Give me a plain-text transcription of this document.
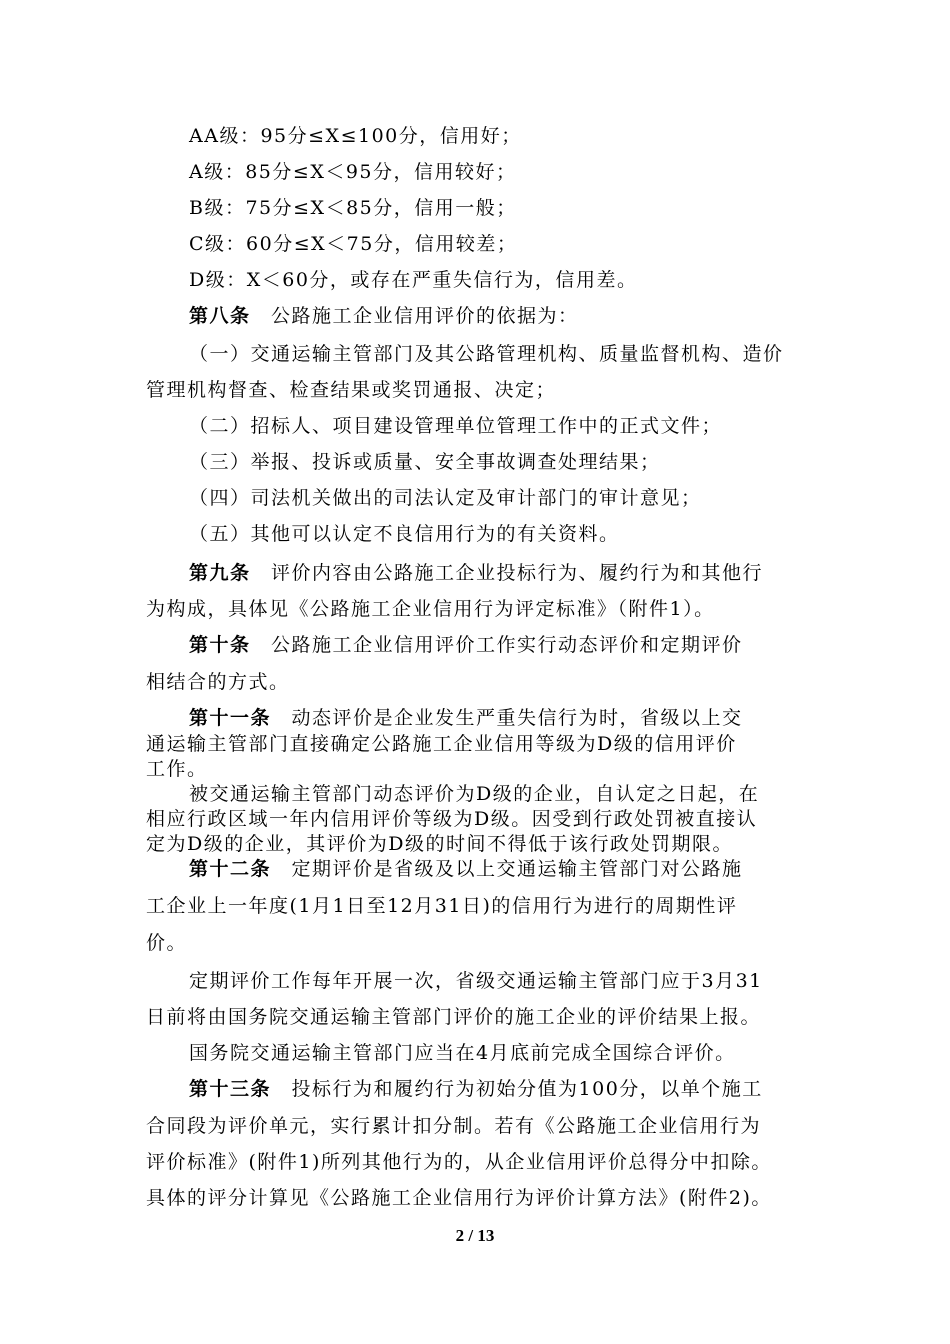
AA级：95分≤X≤100分，信用好；

A级：85分≤X＜95分，信用较好；

B级：75分≤X＜85分，信用一般；

C级：60分≤X＜75分，信用较差；

D级：X＜60分，或存在严重失信行为，信用差。

第八条　公路施工企业信用评价的依据为：

（一）交通运输主管部门及其公路管理机构、质量监督机构、造价

管理机构督查、检查结果或奖罚通报、决定；

（二）招标人、项目建设管理单位管理工作中的正式文件；

（三）举报、投诉或质量、安全事故调查处理结果；

（四）司法机关做出的司法认定及审计部门的审计意见；

（五）其他可以认定不良信用行为的有关资料。

第九条　评价内容由公路施工企业投标行为、履约行为和其他行

为构成，具体见《公路施工企业信用行为评定标准》（附件1）。

第十条　公路施工企业信用评价工作实行动态评价和定期评价

相结合的方式。

第十一条　动态评价是企业发生严重失信行为时，省级以上交

通运输主管部门直接确定公路施工企业信用等级为D级的信用评价

工作。

被交通运输主管部门动态评价为D级的企业，自认定之日起，在

相应行政区域一年内信用评价等级为D级。因受到行政处罚被直接认

定为D级的企业，其评价为D级的时间不得低于该行政处罚期限。

第十二条　定期评价是省级及以上交通运输主管部门对公路施

工企业上一年度(1月1日至12月31日)的信用行为进行的周期性评

价。

定期评价工作每年开展一次，省级交通运输主管部门应于3月31

日前将由国务院交通运输主管部门评价的施工企业的评价结果上报。

国务院交通运输主管部门应当在4月底前完成全国综合评价。

第十三条　投标行为和履约行为初始分值为100分，以单个施工

合同段为评价单元，实行累计扣分制。若有《公路施工企业信用行为

评价标准》(附件1)所列其他行为的，从企业信用评价总得分中扣除。

具体的评分计算见《公路施工企业信用行为评价计算方法》(附件2)。

2 / 13
